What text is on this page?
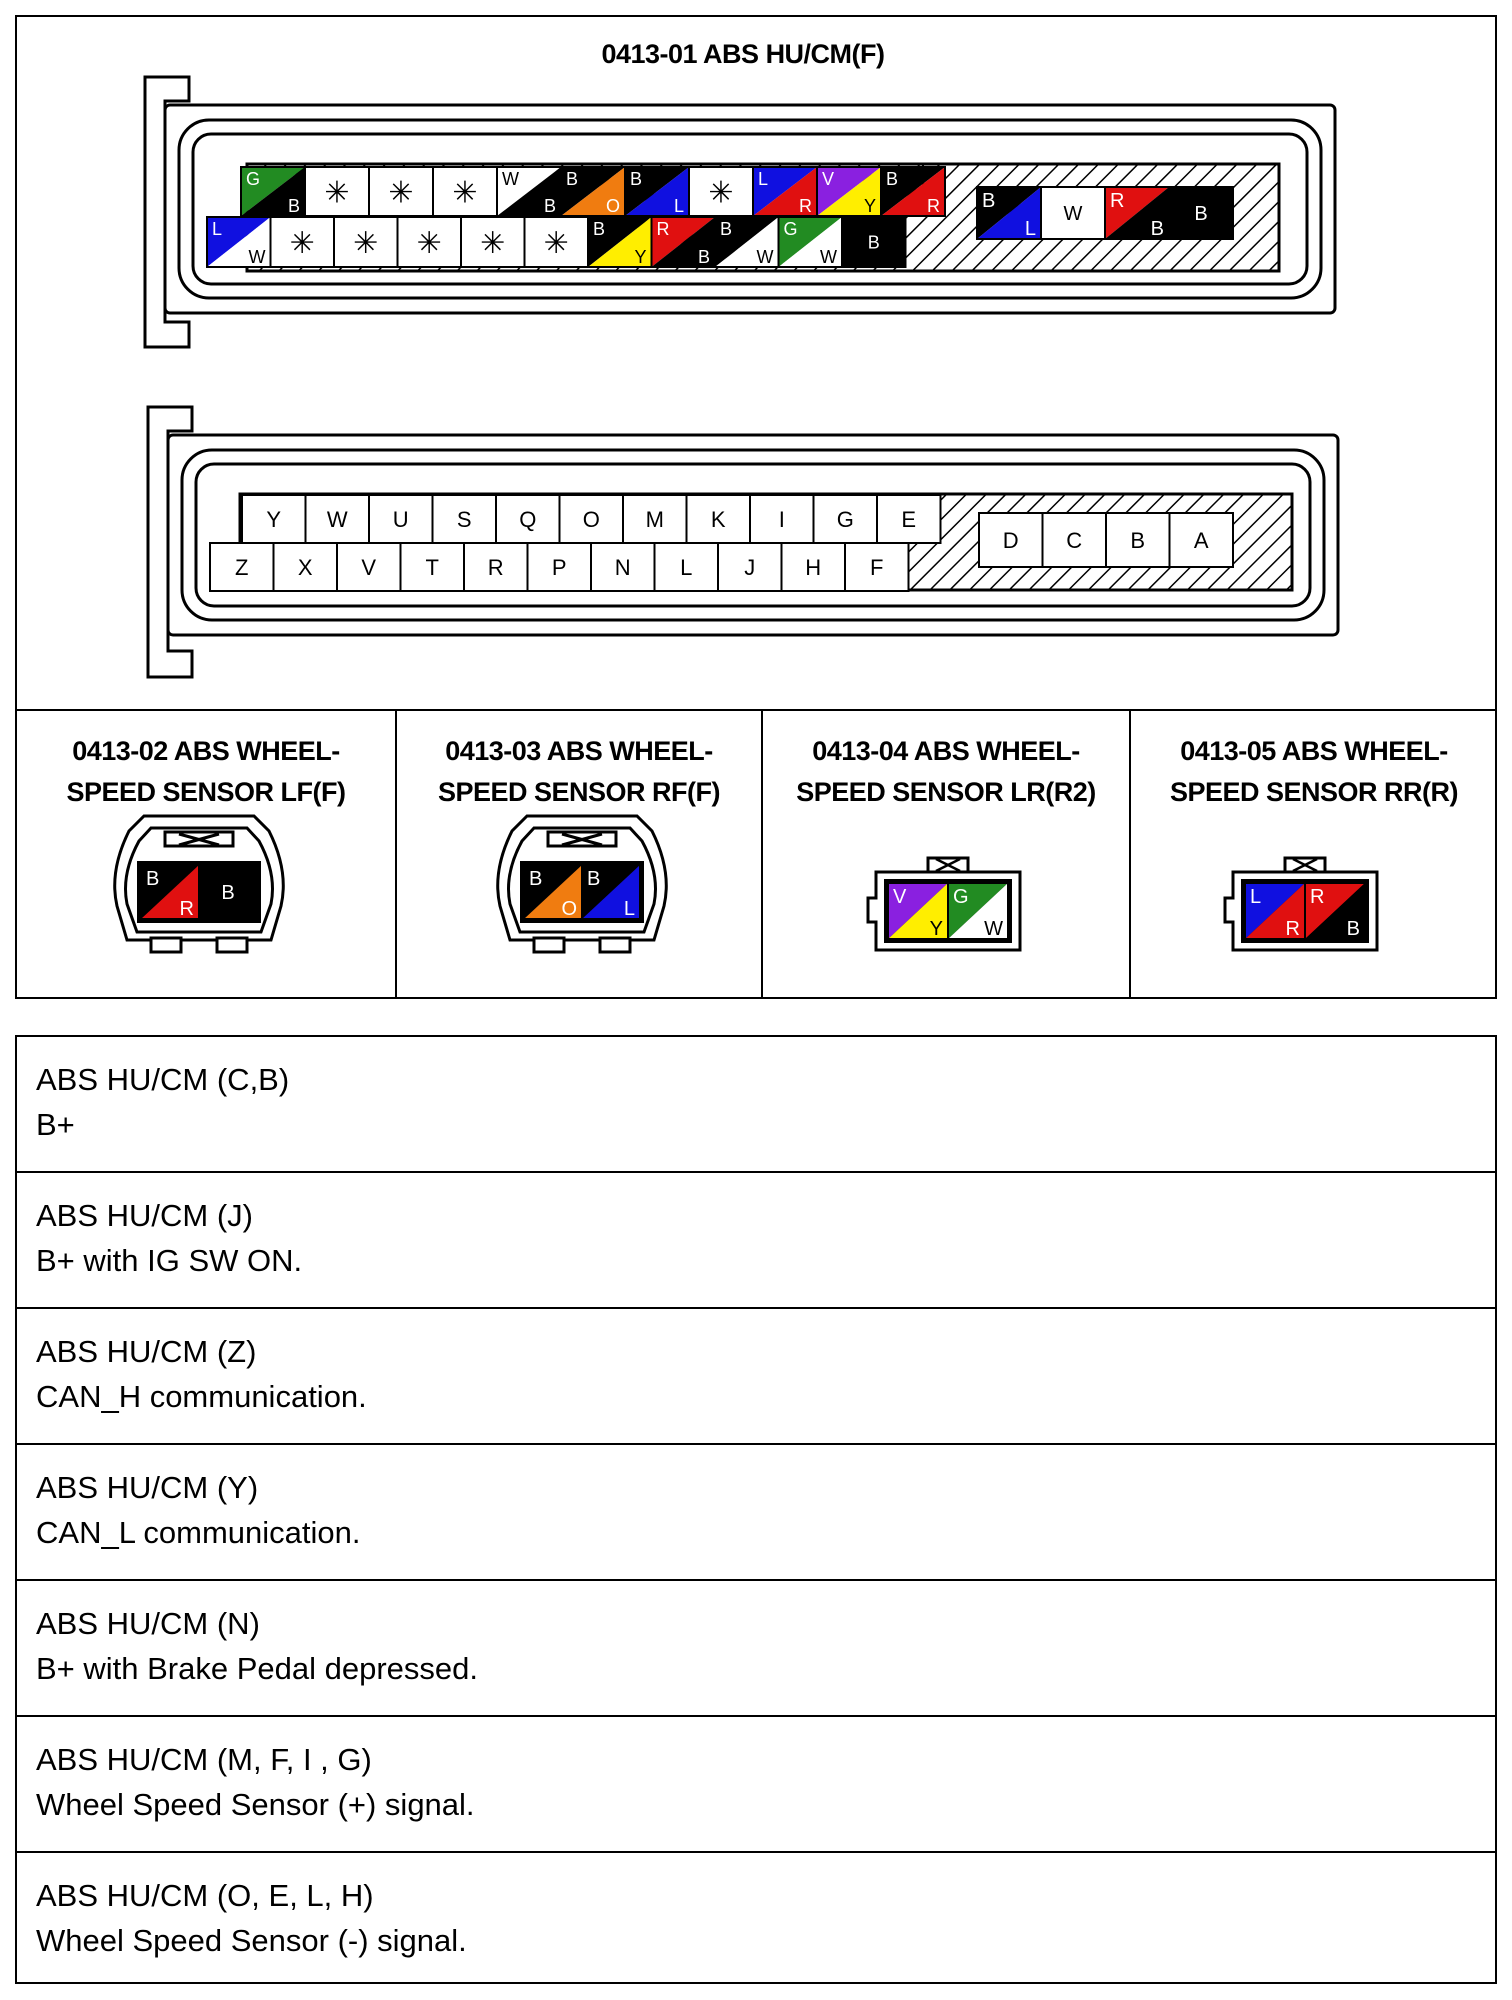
0413-01 ABS HU/CM(F)
G
B ✳ ✳ ✳ W
B
B
O
B
L ✳ L
R
V
Y
B
R
L
W ✳ ✳ ✳ ✳ ✳ B
Y
R
B
B
W
G
W
B
B
L
W
R
B
B
Y W U S Q O M K I G E
Z X V T R P N L J H F
D C B A
0413-02 ABS WHEEL-
SPEED SENSOR LF(F)
B
R
B
0413-03 ABS WHEEL-
SPEED SENSOR RF(F)
B
O
B
L
0413-04 ABS WHEEL-
SPEED SENSOR LR(R2)
V
Y
G
W
0413-05 ABS WHEEL-
SPEED SENSOR RR(R)
L
R
R
B
ABS HU/CM (C,B)
B+
ABS HU/CM (J)
B+ with IG SW ON.
ABS HU/CM (Z)
CAN_H communication.
ABS HU/CM (Y)
CAN_L communication.
ABS HU/CM (N)
B+ with Brake Pedal depressed.
ABS HU/CM (M, F, I , G)
Wheel Speed Sensor (+) signal.
ABS HU/CM (O, E, L, H)
Wheel Speed Sensor (-) signal.
